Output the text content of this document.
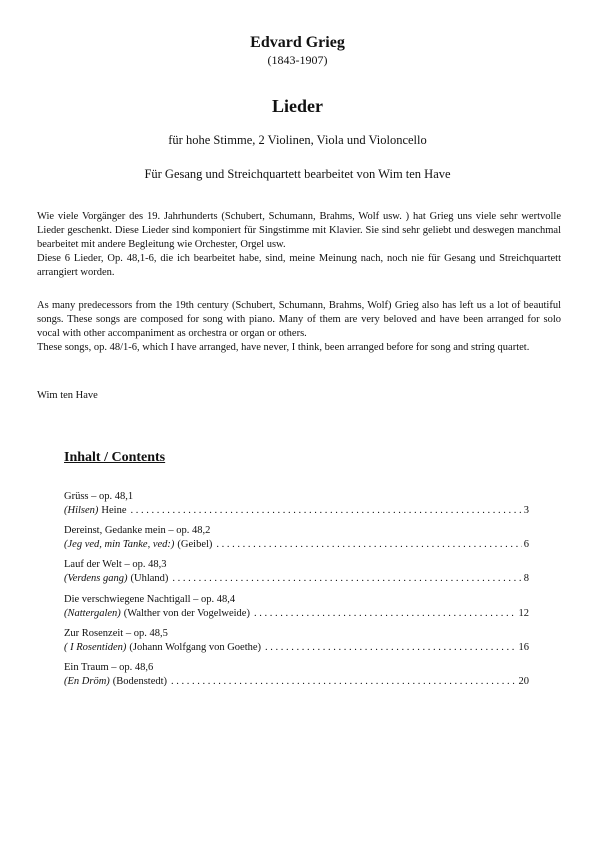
Edvard Grieg
(1843-1907)
Lieder
für hohe Stimme, 2 Violinen, Viola und Violoncello
Für Gesang und Streichquartett bearbeitet von Wim ten Have

Wie viele Vorgänger des 19. Jahrhunderts (Schubert, Schumann, Brahms, Wolf usw. ) hat Grieg uns viele sehr wertvolle Lieder geschenkt. Diese Lieder sind komponiert für Singstimme mit Klavier. Sie sind sehr geliebt und deswegen manchmal bearbeitet mit andere Begleitung wie Orchester, Orgel usw.

Diese 6 Lieder, Op. 48,1-6, die ich bearbeitet habe, sind, meine Meinung nach, noch nie für Gesang und Streichquartett arrangiert worden.

As many predecessors from the 19th century (Schubert, Schumann, Brahms, Wolf) Grieg also has left us a lot of beautiful songs. These songs are composed for song with piano. Many of them are very beloved and have been arranged for solo vocal with other accompaniment as orchestra or organ or others.

These songs, op. 48/1-6, which I have arranged, have never, I think, been arranged before for song and string quartet.

Wim ten Have
Inhalt / Contents
Grüss – op. 48,1
(Hilsen) Heine . . .	3
Dereinst, Gedanke mein – op. 48,2
(Jeg ved, min Tanke, ved:) (Geibel) . . .	6
Lauf der Welt – op. 48,3
(Verdens gang) (Uhland) . . .	8
Die verschwiegene Nachtigall – op. 48,4
(Nattergalen) (Walther von der Vogelweide) . . .	12
Zur Rosenzeit – op. 48,5
( I Rosentiden) (Johann Wolfgang von Goethe) . . .	16
Ein Traum – op. 48,6
(En Dröm) (Bodenstedt) . . .	20
